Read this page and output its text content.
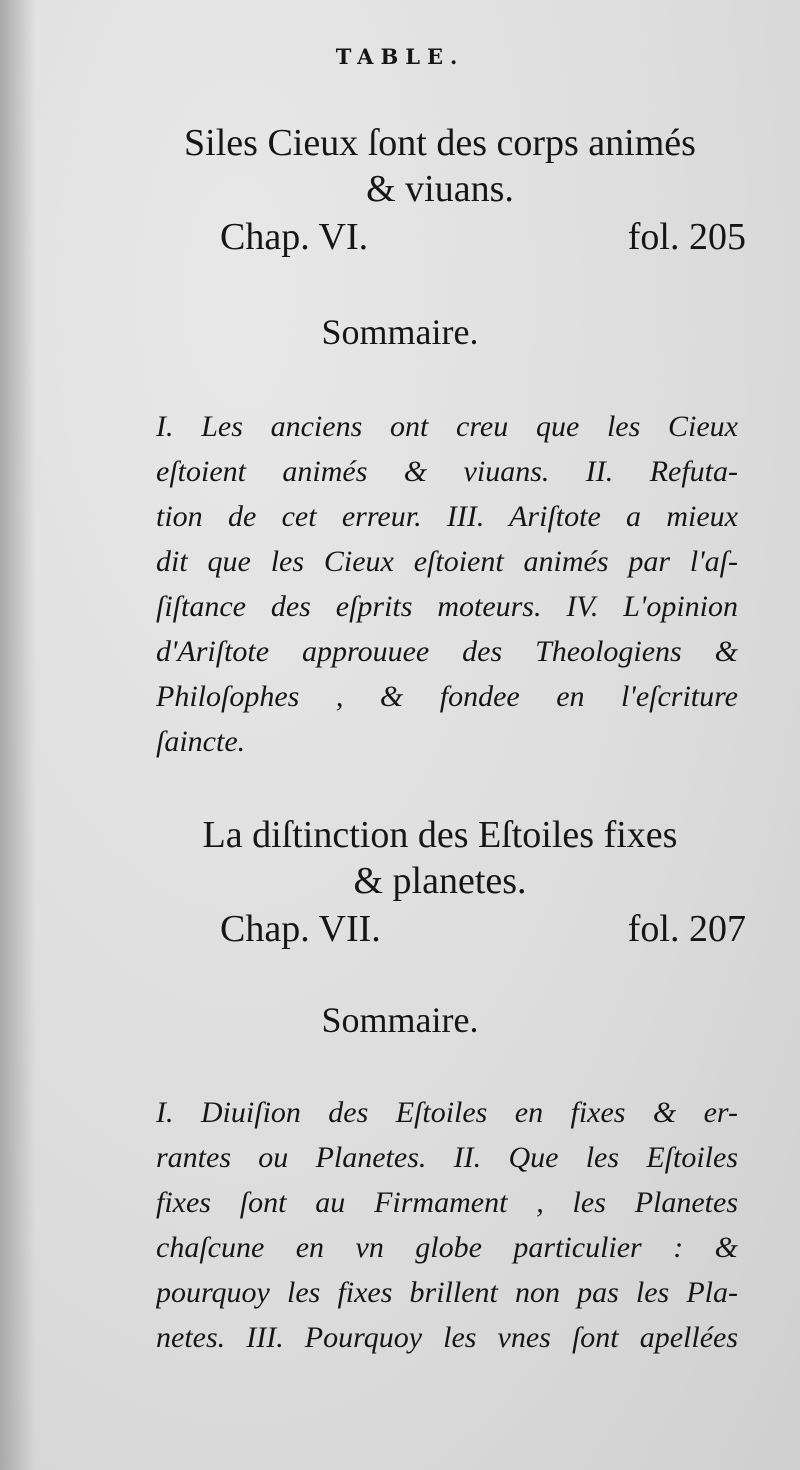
TABLE.
Siles Cieux ſont des corps animés
& viuans.
Chap. VI.	fol. 205
Sommaire.

I. Les anciens ont creu que les Cieux

eſtoient animés & viuans. II. Refuta-

tion de cet erreur. III. Ariſtote a mieux

dit que les Cieux eſtoient animés par l'aſ-

ſiſtance des eſprits moteurs. IV. L'opinion

d'Ariſtote approuuee des Theologiens &

Philoſophes , & fondee en l'eſcriture

ſaincte.

La diſtinction des Eſtoiles fixes
& planetes.
Chap. VII.	fol. 207
Sommaire.

I. Diuiſion des Eſtoiles en fixes & er-

rantes ou Planetes. II. Que les Eſtoiles

fixes ſont au Firmament , les Planetes

chaſcune en vn globe particulier : &

pourquoy les fixes brillent non pas les Pla-

netes. III. Pourquoy les vnes ſont apellées
